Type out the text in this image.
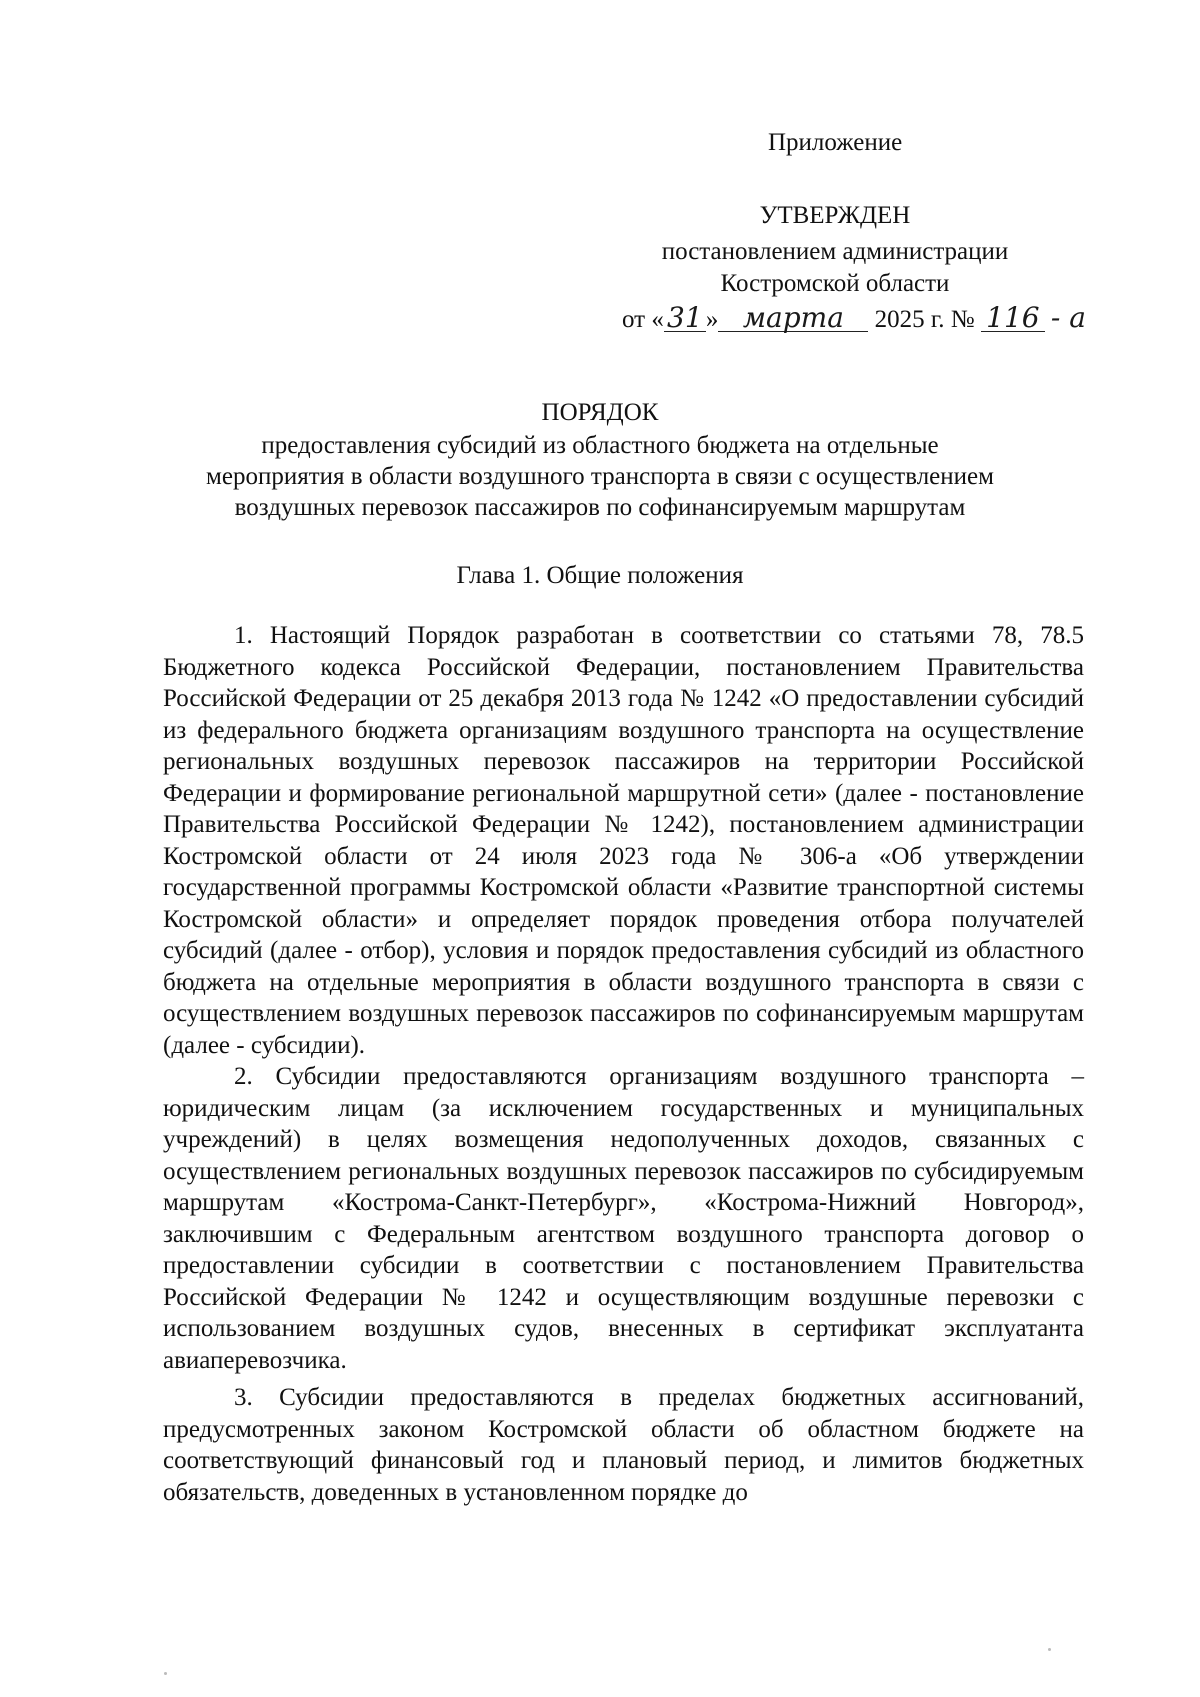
Приложение
УТВЕРЖДЕН
постановлением администрации
Костромской области
от « 31 » марта 2025 г. № 116 - а
ПОРЯДОК
предоставления субсидий из областного бюджета на отдельные
мероприятия в области воздушного транспорта в связи с осуществлением
воздушных перевозок пассажиров по софинансируемым маршрутам
Глава 1. Общие положения

1. Настоящий Порядок разработан в соответствии со статьями 78, 78.5 Бюджетного кодекса Российской Федерации, постановлением Правительства Российской Федерации от 25 декабря 2013 года № 1242 «О предоставлении субсидий из федерального бюджета организациям воздушного транспорта на осуществление региональных воздушных перевозок пассажиров на территории Российской Федерации и формирование региональной маршрутной сети» (далее - постановление Правительства Российской Федерации № 1242), постановлением администрации Костромской области от 24 июля 2023 года № 306-а «Об утверждении государственной программы Костромской области «Развитие транспортной системы Костромской области» и определяет порядок проведения отбора получателей субсидий (далее - отбор), условия и порядок предоставления субсидий из областного бюджета на отдельные мероприятия в области воздушного транспорта в связи с осуществлением воздушных перевозок пассажиров по софинансируемым маршрутам (далее - субсидии).

2. Субсидии предоставляются организациям воздушного транспорта – юридическим лицам (за исключением государственных и муниципальных учреждений) в целях возмещения недополученных доходов, связанных с осуществлением региональных воздушных перевозок пассажиров по субсидируемым маршрутам «Кострома-Санкт-Петербург», «Кострома-Нижний Новгород», заключившим с Федеральным агентством воздушного транспорта договор о предоставлении субсидии в соответствии с постановлением Правительства Российской Федерации № 1242 и осуществляющим воздушные перевозки с использованием воздушных судов, внесенных в сертификат эксплуатанта авиаперевозчика.

3. Субсидии предоставляются в пределах бюджетных ассигнований, предусмотренных законом Костромской области об областном бюджете на соответствующий финансовый год и плановый период, и лимитов бюджетных обязательств, доведенных в установленном порядке до
